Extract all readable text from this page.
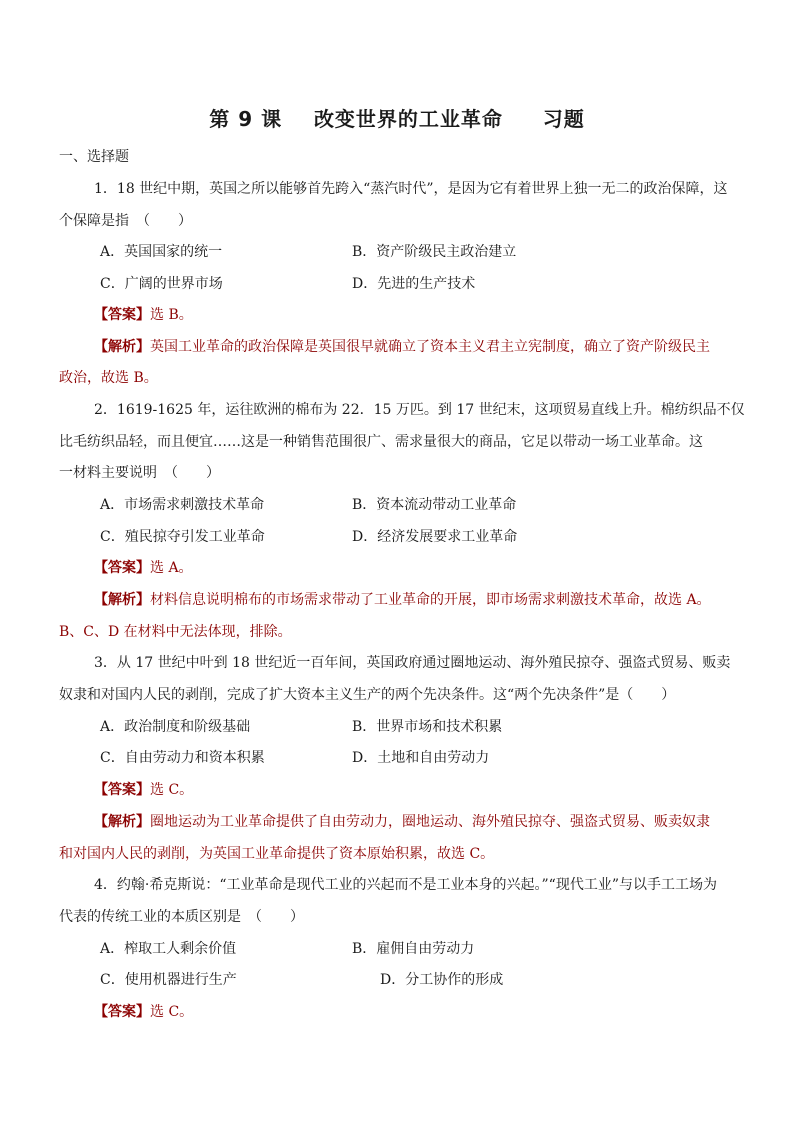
第 9 课 改变世界的工业革命 习题
一、选择题
1．18 世纪中期，英国之所以能够首先跨入“蒸汽时代”，是因为它有着世界上独一无二的政治保障，这
个保障是指　（　　）
A．英国国家的统一	B．资产阶级民主政治建立
C．广阔的世界市场	D．先进的生产技术
【答案】选 B。
【解析】英国工业革命的政治保障是英国很早就确立了资本主义君主立宪制度，确立了资产阶级民主
政治，故选 B。
2．1619-1625 年，运往欧洲的棉布为 22．15 万匹。到 17 世纪末，这项贸易直线上升。棉纺织品不仅
比毛纺织品轻，而且便宜……这是一种销售范围很广、需求量很大的商品，它足以带动一场工业革命。这
一材料主要说明　（　　）
A．市场需求刺激技术革命	B．资本流动带动工业革命
C．殖民掠夺引发工业革命	D．经济发展要求工业革命
【答案】选 A。
【解析】材料信息说明棉布的市场需求带动了工业革命的开展，即市场需求刺激技术革命，故选 A。
B、C、D 在材料中无法体现，排除。
3．从 17 世纪中叶到 18 世纪近一百年间，英国政府通过圈地运动、海外殖民掠夺、强盗式贸易、贩卖
奴隶和对国内人民的剥削，完成了扩大资本主义生产的两个先决条件。这“两个先决条件”是（　　）
A．政治制度和阶级基础	B．世界市场和技术积累
C．自由劳动力和资本积累	D．土地和自由劳动力
【答案】选 C。
【解析】圈地运动为工业革命提供了自由劳动力，圈地运动、海外殖民掠夺、强盗式贸易、贩卖奴隶
和对国内人民的剥削，为英国工业革命提供了资本原始积累，故选 C。
4．约翰·希克斯说：“工业革命是现代工业的兴起而不是工业本身的兴起。”“现代工业”与以手工工场为
代表的传统工业的本质区别是　（　　）
A．榨取工人剩余价值	B．雇佣自由劳动力
C．使用机器进行生产	D．分工协作的形成
【答案】选 C。
